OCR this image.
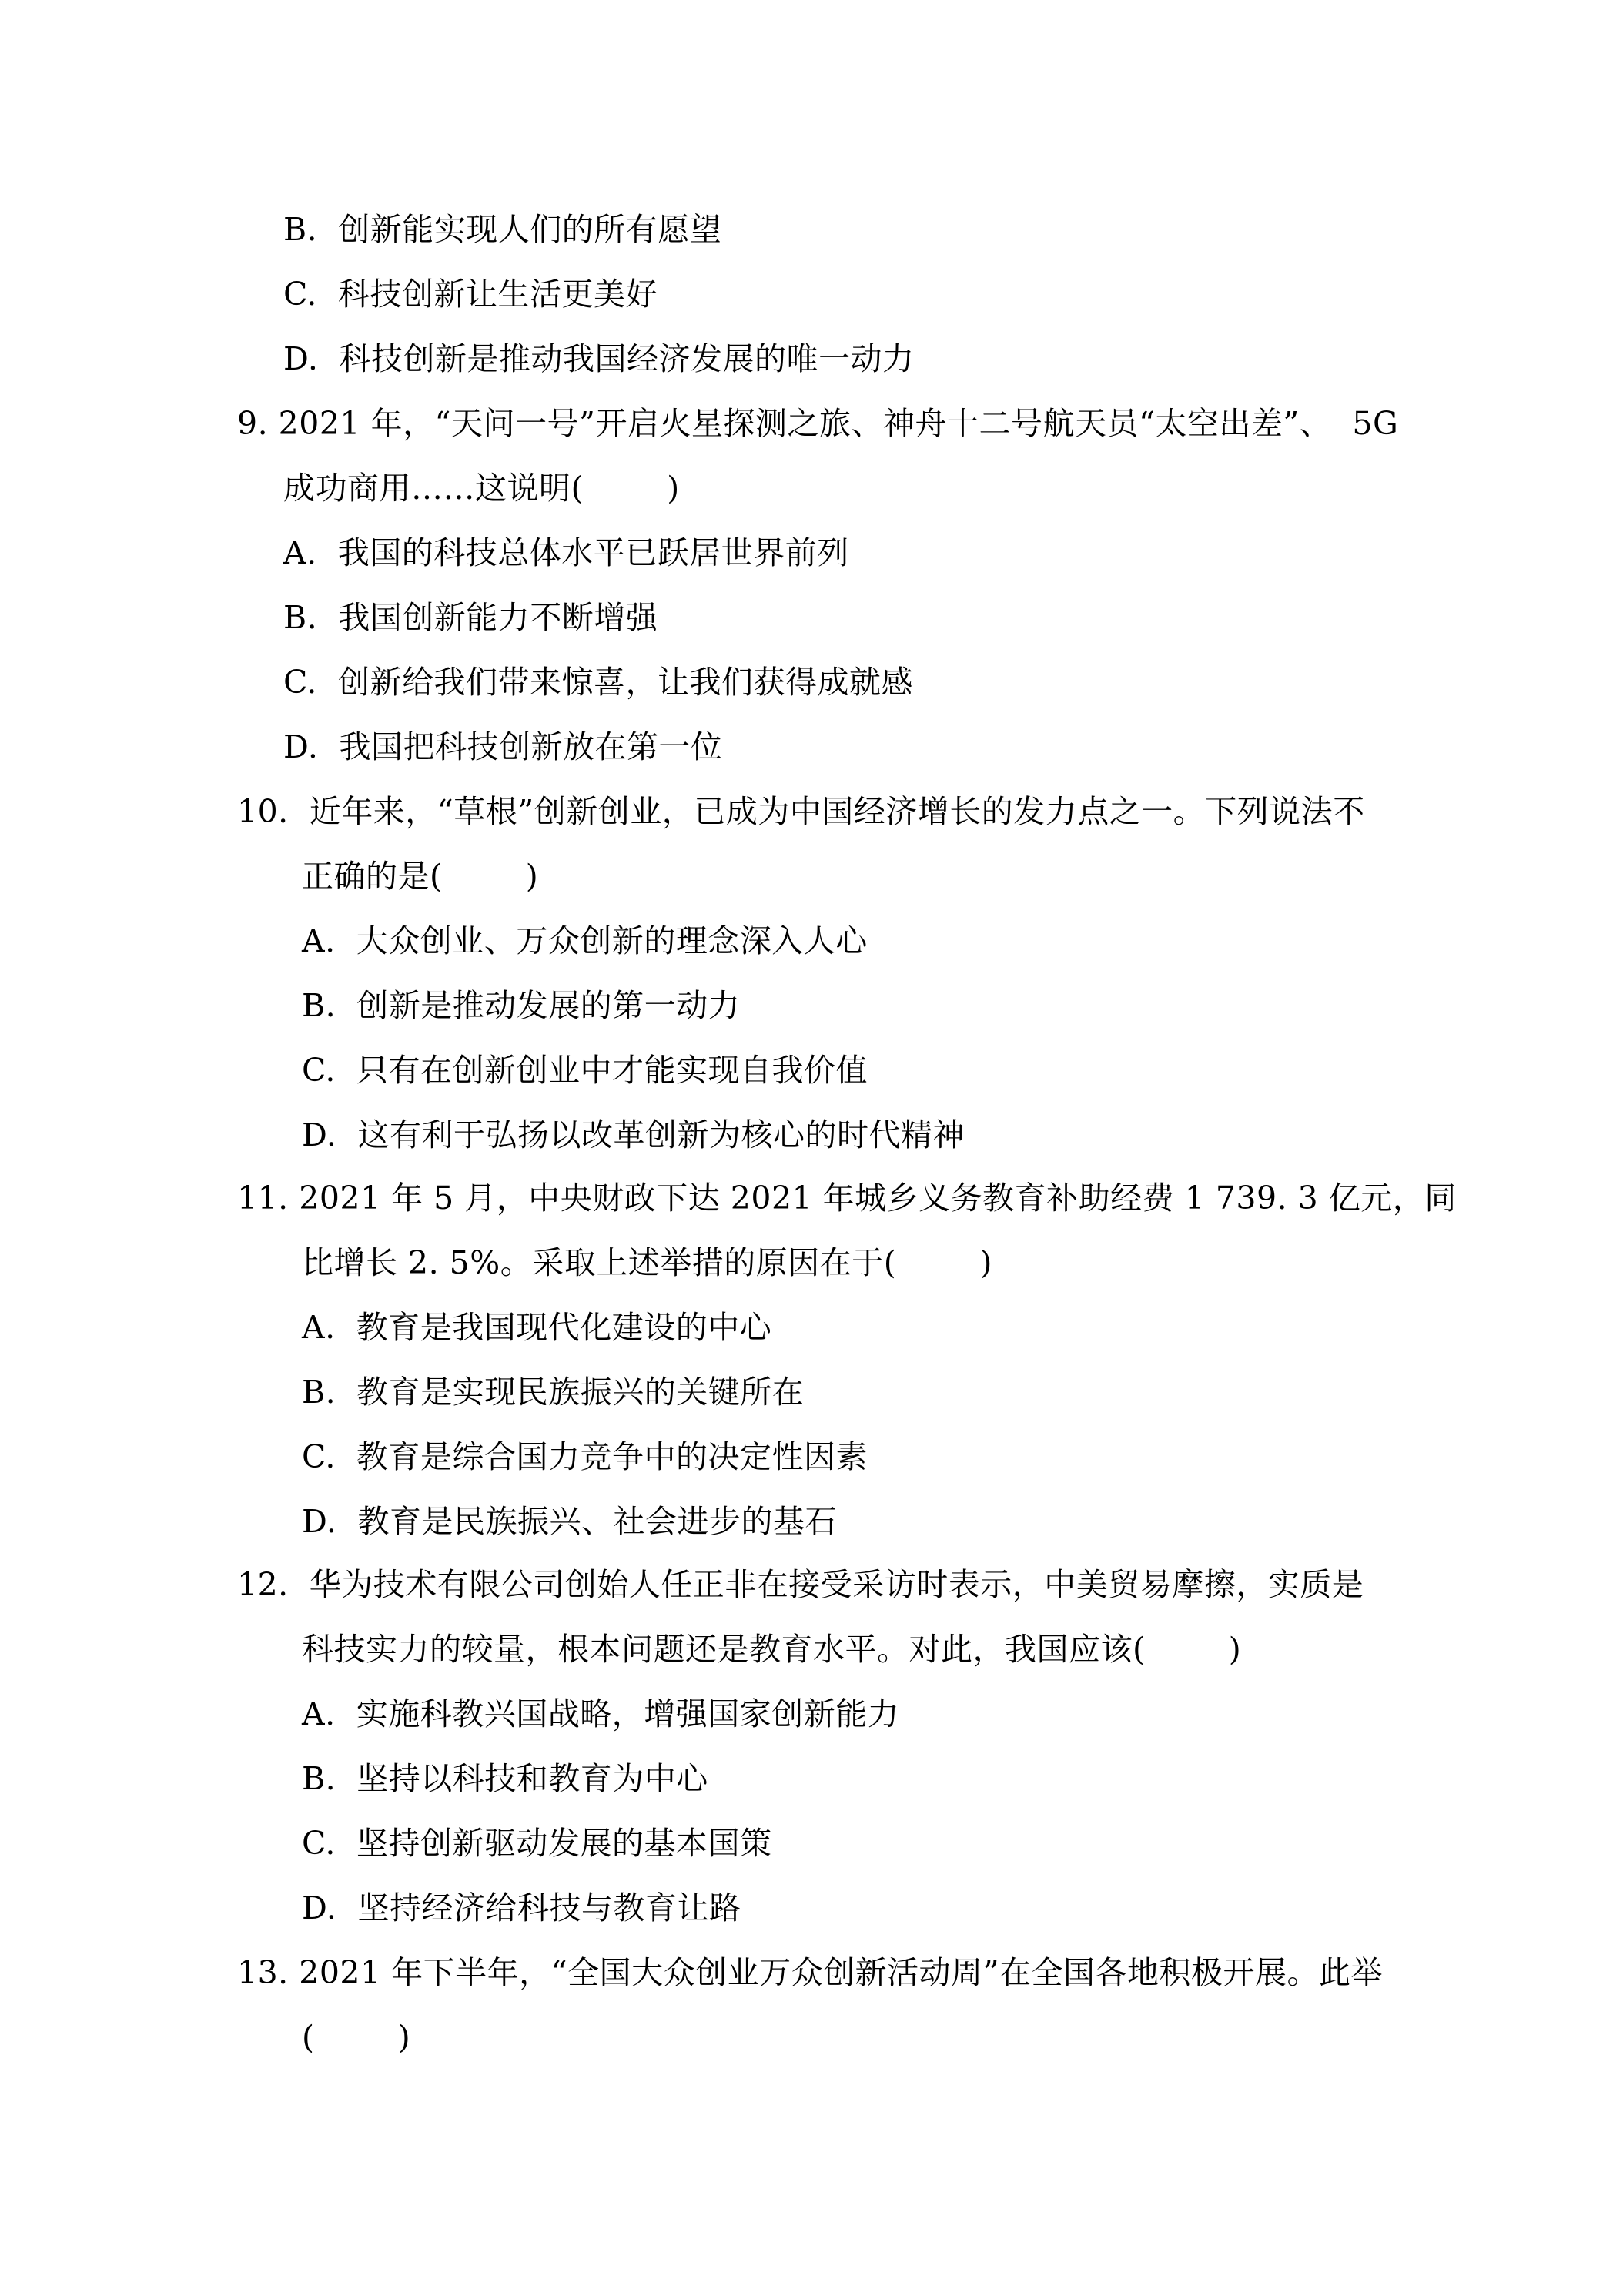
B.  创新能实现人们的所有愿望
C.  科技创新让生活更美好
D.  科技创新是推动我国经济发展的唯一动力
9. 2021 年，“天问一号”开启火星探测之旅、神舟十二号航天员“太空出差”、  5G
成功商用……这说明(        )
A.  我国的科技总体水平已跃居世界前列
B.  我国创新能力不断增强
C.  创新给我们带来惊喜，让我们获得成就感
D.  我国把科技创新放在第一位
10.  近年来，“草根”创新创业，已成为中国经济增长的发力点之一。下列说法不
正确的是(        )
A.  大众创业、万众创新的理念深入人心
B.  创新是推动发展的第一动力
C.  只有在创新创业中才能实现自我价值
D.  这有利于弘扬以改革创新为核心的时代精神
11. 2021 年 5 月，中央财政下达 2021 年城乡义务教育补助经费 1 739. 3 亿元，同
比增长 2. 5%。采取上述举措的原因在于(        )
A.  教育是我国现代化建设的中心
B.  教育是实现民族振兴的关键所在
C.  教育是综合国力竞争中的决定性因素
D.  教育是民族振兴、社会进步的基石
12.  华为技术有限公司创始人任正非在接受采访时表示，中美贸易摩擦，实质是
科技实力的较量，根本问题还是教育水平。对此，我国应该(        )
A.  实施科教兴国战略，增强国家创新能力
B.  坚持以科技和教育为中心
C.  坚持创新驱动发展的基本国策
D.  坚持经济给科技与教育让路
13. 2021 年下半年，“全国大众创业万众创新活动周”在全国各地积极开展。此举
(        )
